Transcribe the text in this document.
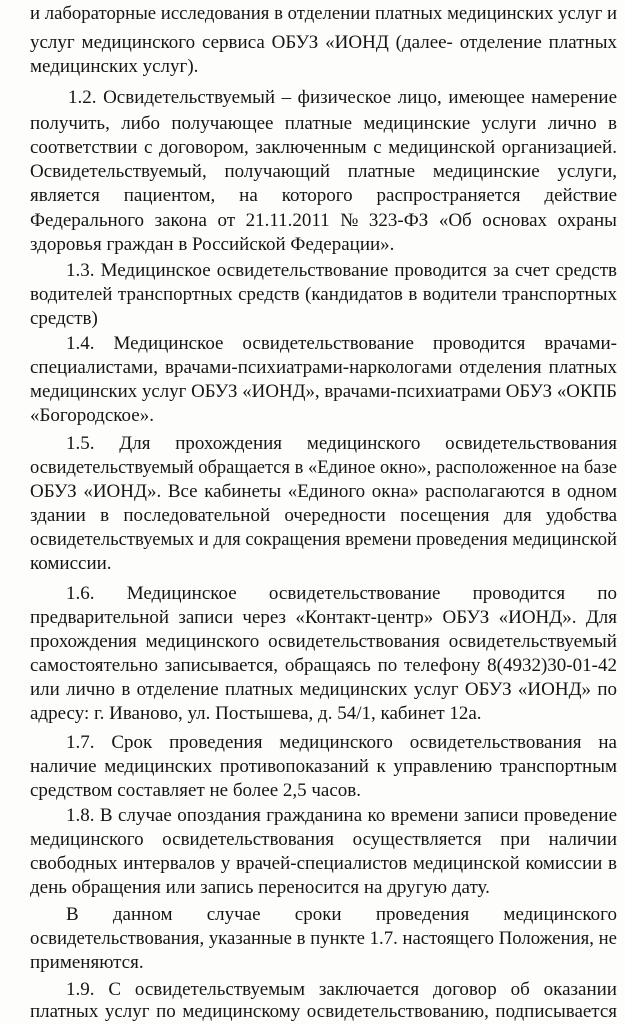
и лабораторные исследования в отделении платных медицинских услуг и
услуг медицинского сервиса ОБУЗ «ИОНД (далее- отделение платных
медицинских услуг).
1.2. Освидетельствуемый – физическое лицо, имеющее намерение
получить, либо получающее платные медицинские услуги лично в
соответствии с договором, заключенным с медицинской организацией.
Освидетельствуемый, получающий платные медицинские услуги,
является пациентом, на которого распространяется действие
Федерального закона от 21.11.2011 № 323-ФЗ «Об основах охраны
здоровья граждан в Российской Федерации».
1.3. Медицинское освидетельствование проводится за счет средств
водителей транспортных средств (кандидатов в водители транспортных
средств)
1.4. Медицинское освидетельствование проводится врачами-
специалистами, врачами-психиатрами-наркологами отделения платных
медицинских услуг ОБУЗ «ИОНД», врачами-психиатрами ОБУЗ «ОКПБ
«Богородское».
1.5. Для прохождения медицинского освидетельствования
освидетельствуемый обращается в «Единое окно», расположенное на базе
ОБУЗ «ИОНД». Все кабинеты «Единого окна» располагаются в одном
здании в последовательной очередности посещения для удобства
освидетельствуемых и для сокращения времени проведения медицинской
комиссии.
1.6. Медицинское освидетельствование проводится по
предварительной записи через «Контакт-центр» ОБУЗ «ИОНД». Для
прохождения медицинского освидетельствования освидетельствуемый
самостоятельно записывается, обращаясь по телефону 8(4932)30-01-42
или лично в отделение платных медицинских услуг ОБУЗ «ИОНД» по
адресу: г. Иваново, ул. Постышева, д. 54/1, кабинет 12а.
1.7. Срок проведения медицинского освидетельствования на
наличие медицинских противопоказаний к управлению транспортным
средством составляет не более 2,5 часов.
1.8. В случае опоздания гражданина ко времени записи проведение
медицинского освидетельствования осуществляется при наличии
свободных интервалов у врачей-специалистов медицинской комиссии в
день обращения или запись переносится на другую дату.
В данном случае сроки проведения медицинского
освидетельствования, указанные в пункте 1.7. настоящего Положения, не
применяются.
1.9. С освидетельствуемым заключается договор об оказании
платных услуг по медицинскому освидетельствованию, подписывается
